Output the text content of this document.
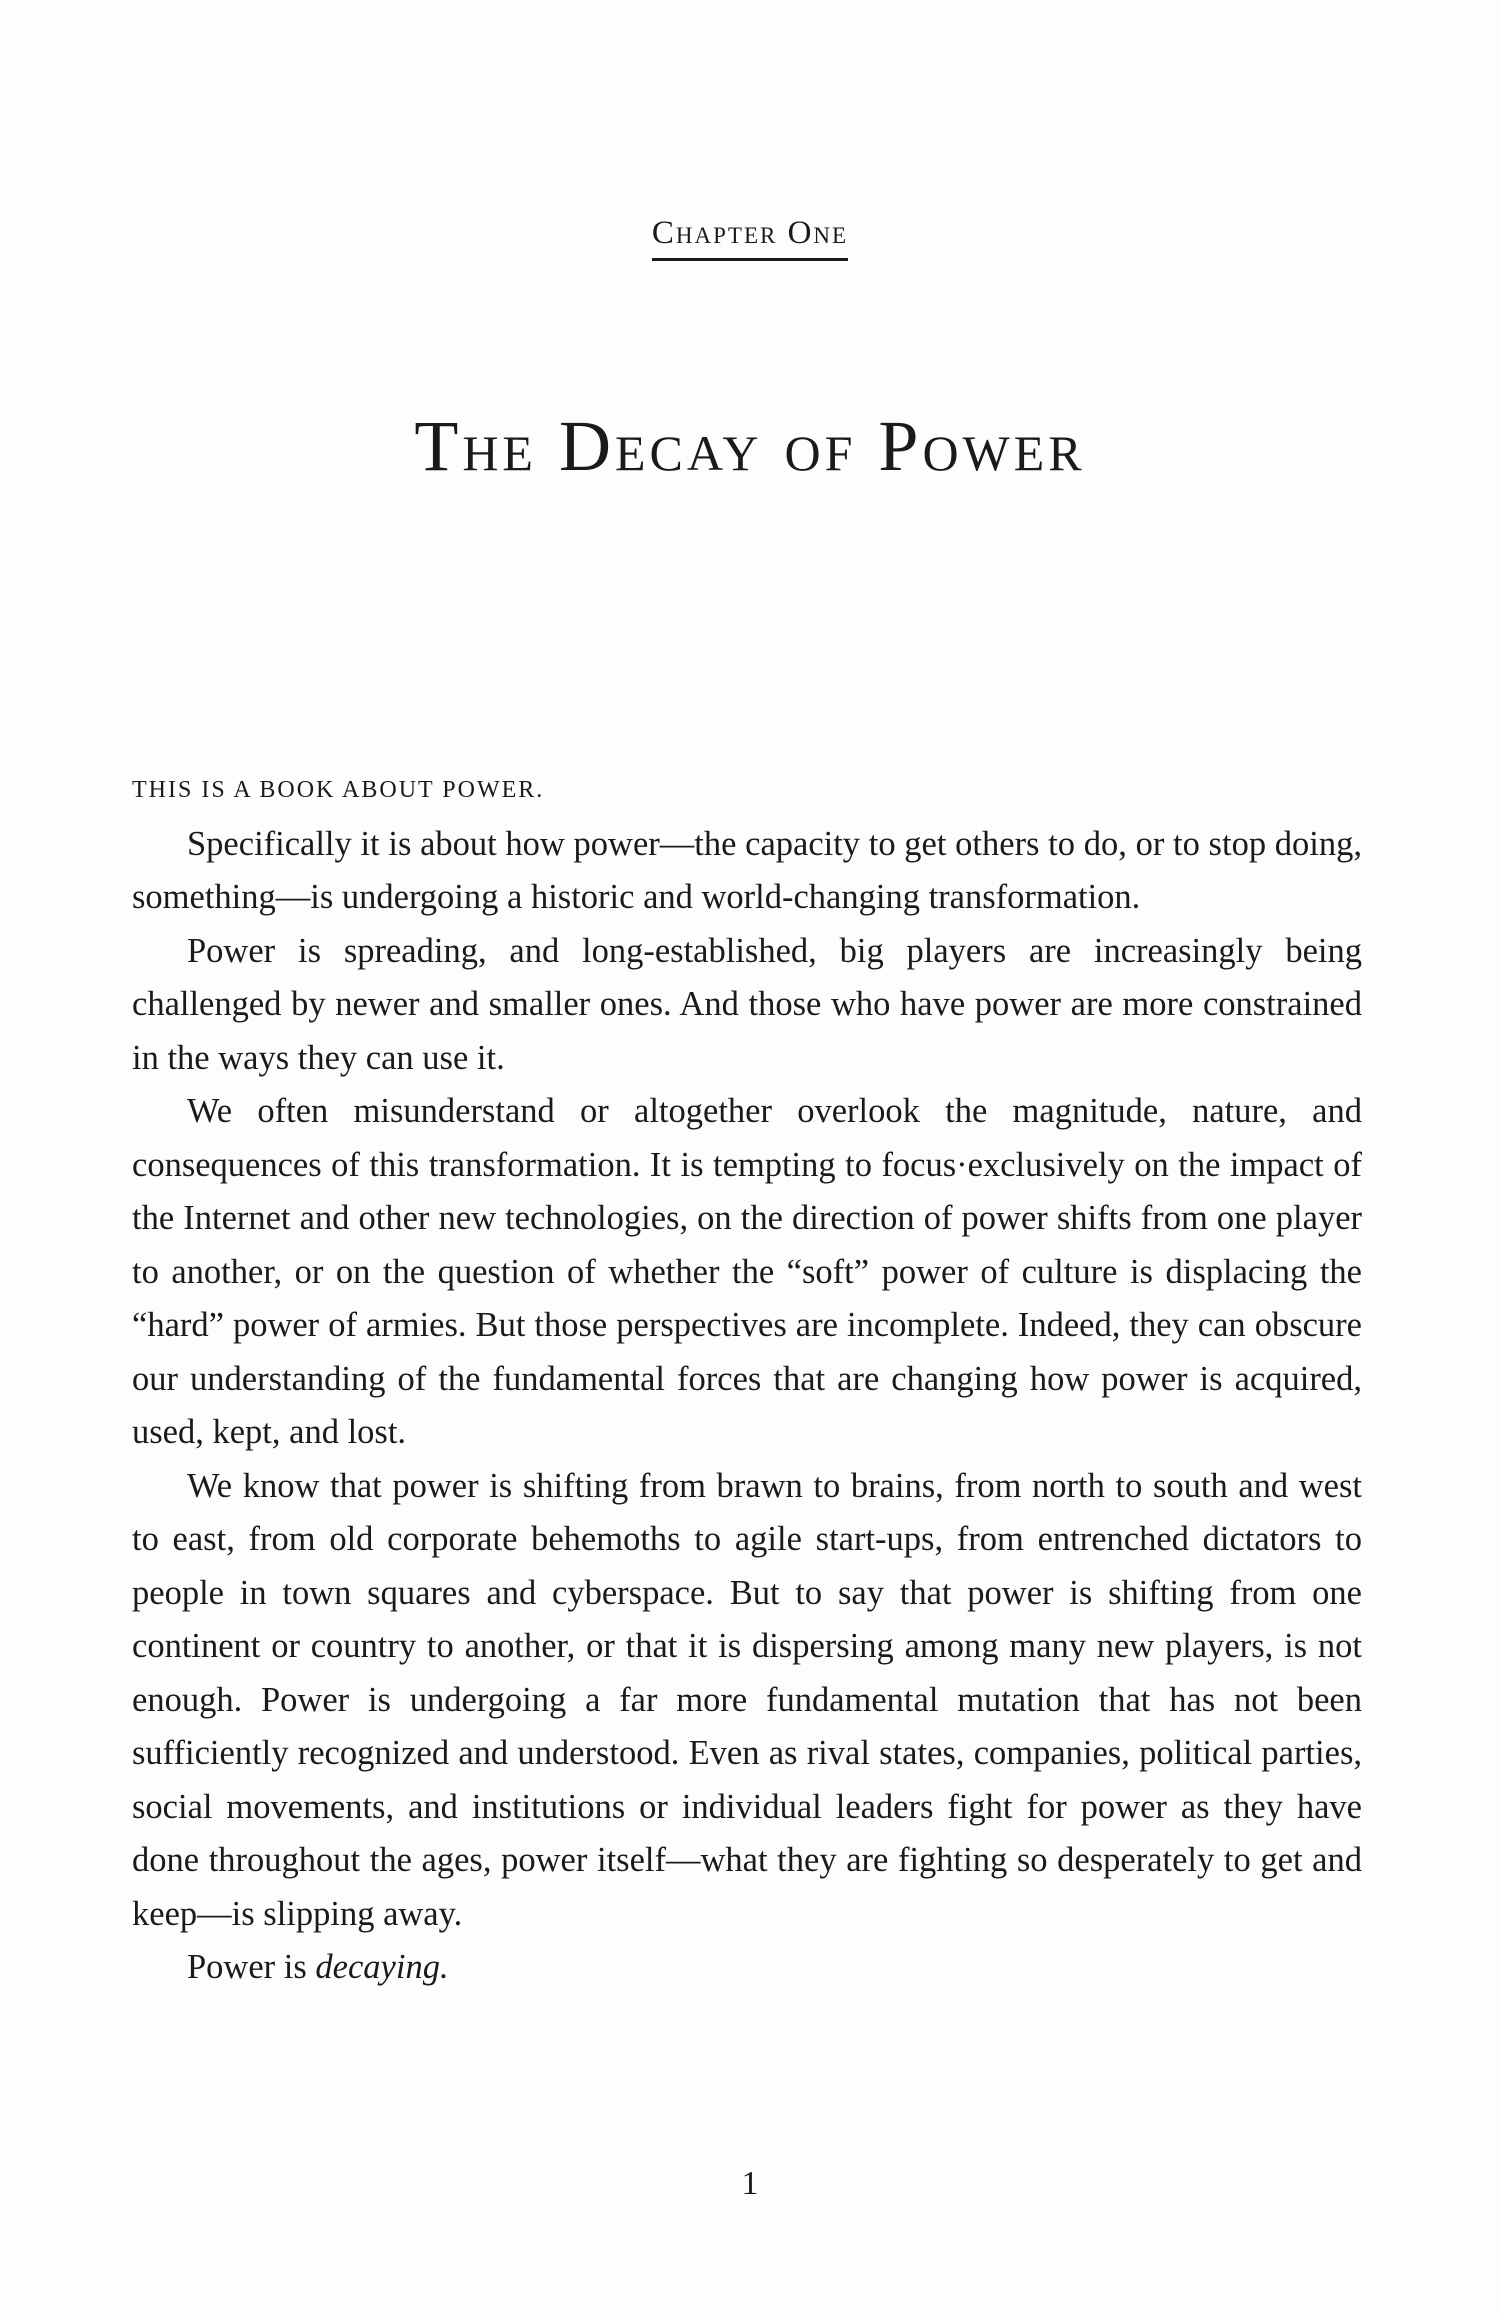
Chapter One
The Decay of Power

THIS IS A BOOK ABOUT POWER.

Specifically it is about how power—the capacity to get others to do, or to stop doing, something—is undergoing a historic and world-changing transformation.

Power is spreading, and long-established, big players are increasingly being challenged by newer and smaller ones. And those who have power are more constrained in the ways they can use it.

We often misunderstand or altogether overlook the magnitude, nature, and consequences of this transformation. It is tempting to focus·exclusively on the impact of the Internet and other new technologies, on the direction of power shifts from one player to another, or on the question of whether the “soft” power of culture is displacing the “hard” power of armies. But those perspectives are incomplete. Indeed, they can obscure our understanding of the fundamental forces that are changing how power is acquired, used, kept, and lost.

We know that power is shifting from brawn to brains, from north to south and west to east, from old corporate behemoths to agile start-ups, from entrenched dictators to people in town squares and cyberspace. But to say that power is shifting from one continent or country to another, or that it is dispersing among many new players, is not enough. Power is undergoing a far more fundamental mutation that has not been sufficiently recognized and understood. Even as rival states, companies, political parties, social movements, and institutions or individual leaders fight for power as they have done throughout the ages, power itself—what they are fighting so desperately to get and keep—is slipping away.

Power is decaying.

1
